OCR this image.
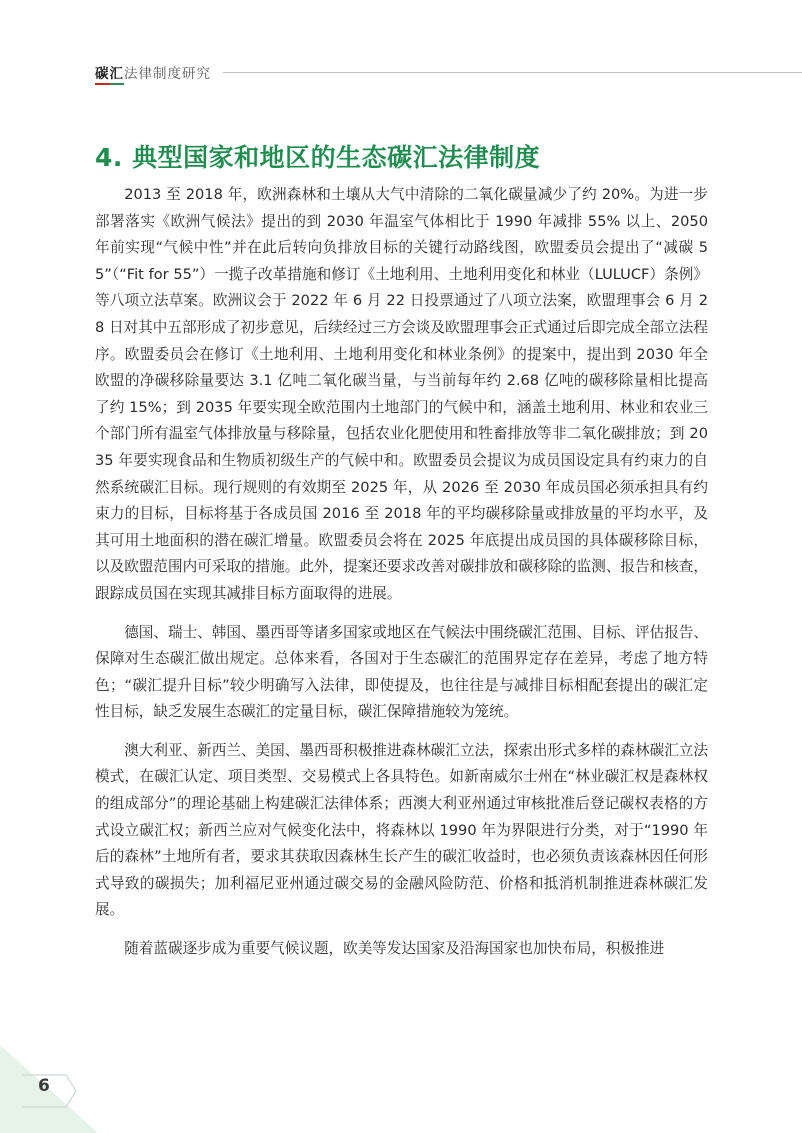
碳汇法律制度研究
4. 典型国家和地区的生态碳汇法律制度

2013 至 2018 年，欧洲森林和土壤从大气中清除的二氧化碳量减少了约 20%。为进一步部署落实《欧洲气候法》提出的到 2030 年温室气体相比于 1990 年减排 55% 以上、2050 年前实现“气候中性”并在此后转向负排放目标的关键行动路线图，欧盟委员会提出了“减碳 55”（“Fit for 55”）一揽子改革措施和修订《土地利用、土地利用变化和林业（LULUCF）条例》等八项立法草案。欧洲议会于 2022 年 6 月 22 日投票通过了八项立法案，欧盟理事会 6 月 28 日对其中五部形成了初步意见，后续经过三方会谈及欧盟理事会正式通过后即完成全部立法程序。欧盟委员会在修订《土地利用、土地利用变化和林业条例》的提案中，提出到 2030 年全欧盟的净碳移除量要达 3.1 亿吨二氧化碳当量，与当前每年约 2.68 亿吨的碳移除量相比提高了约 15%；到 2035 年要实现全欧范围内土地部门的气候中和，涵盖土地利用、林业和农业三个部门所有温室气体排放量与移除量，包括农业化肥使用和牲畜排放等非二氧化碳排放；到 2035 年要实现食品和生物质初级生产的气候中和。欧盟委员会提议为成员国设定具有约束力的自然系统碳汇目标。现行规则的有效期至 2025 年，从 2026 至 2030 年成员国必须承担具有约束力的目标，目标将基于各成员国 2016 至 2018 年的平均碳移除量或排放量的平均水平，及其可用土地面积的潜在碳汇增量。欧盟委员会将在 2025 年底提出成员国的具体碳移除目标，以及欧盟范围内可采取的措施。此外，提案还要求改善对碳排放和碳移除的监测、报告和核查，跟踪成员国在实现其减排目标方面取得的进展。

德国、瑞士、韩国、墨西哥等诸多国家或地区在气候法中围绕碳汇范围、目标、评估报告、保障对生态碳汇做出规定。总体来看，各国对于生态碳汇的范围界定存在差异，考虑了地方特色；“碳汇提升目标”较少明确写入法律，即使提及，也往往是与减排目标相配套提出的碳汇定性目标，缺乏发展生态碳汇的定量目标，碳汇保障措施较为笼统。

澳大利亚、新西兰、美国、墨西哥积极推进森林碳汇立法，探索出形式多样的森林碳汇立法模式，在碳汇认定、项目类型、交易模式上各具特色。如新南威尔士州在“林业碳汇权是森林权的组成部分”的理论基础上构建碳汇法律体系；西澳大利亚州通过审核批准后登记碳权表格的方式设立碳汇权；新西兰应对气候变化法中，将森林以 1990 年为界限进行分类，对于“1990 年后的森林”土地所有者，要求其获取因森林生长产生的碳汇收益时，也必须负责该森林因任何形式导致的碳损失；加利福尼亚州通过碳交易的金融风险防范、价格和抵消机制推进森林碳汇发展。

随着蓝碳逐步成为重要气候议题，欧美等发达国家及沿海国家也加快布局，积极推进

6
